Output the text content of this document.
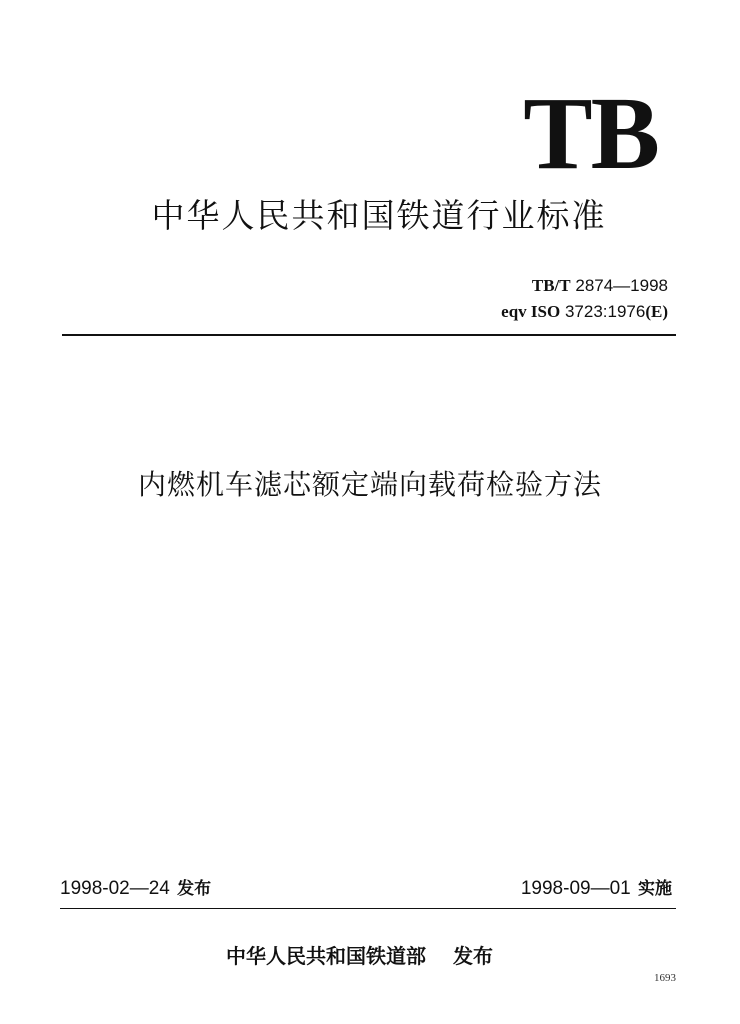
TB
中华人民共和国铁道行业标准
TB/T 2874—1998
eqv ISO 3723:1976(E)
内燃机车滤芯额定端向载荷检验方法
1998-02—24 发布	1998-09—01 实施
中华人民共和国铁道部 发布
1693
